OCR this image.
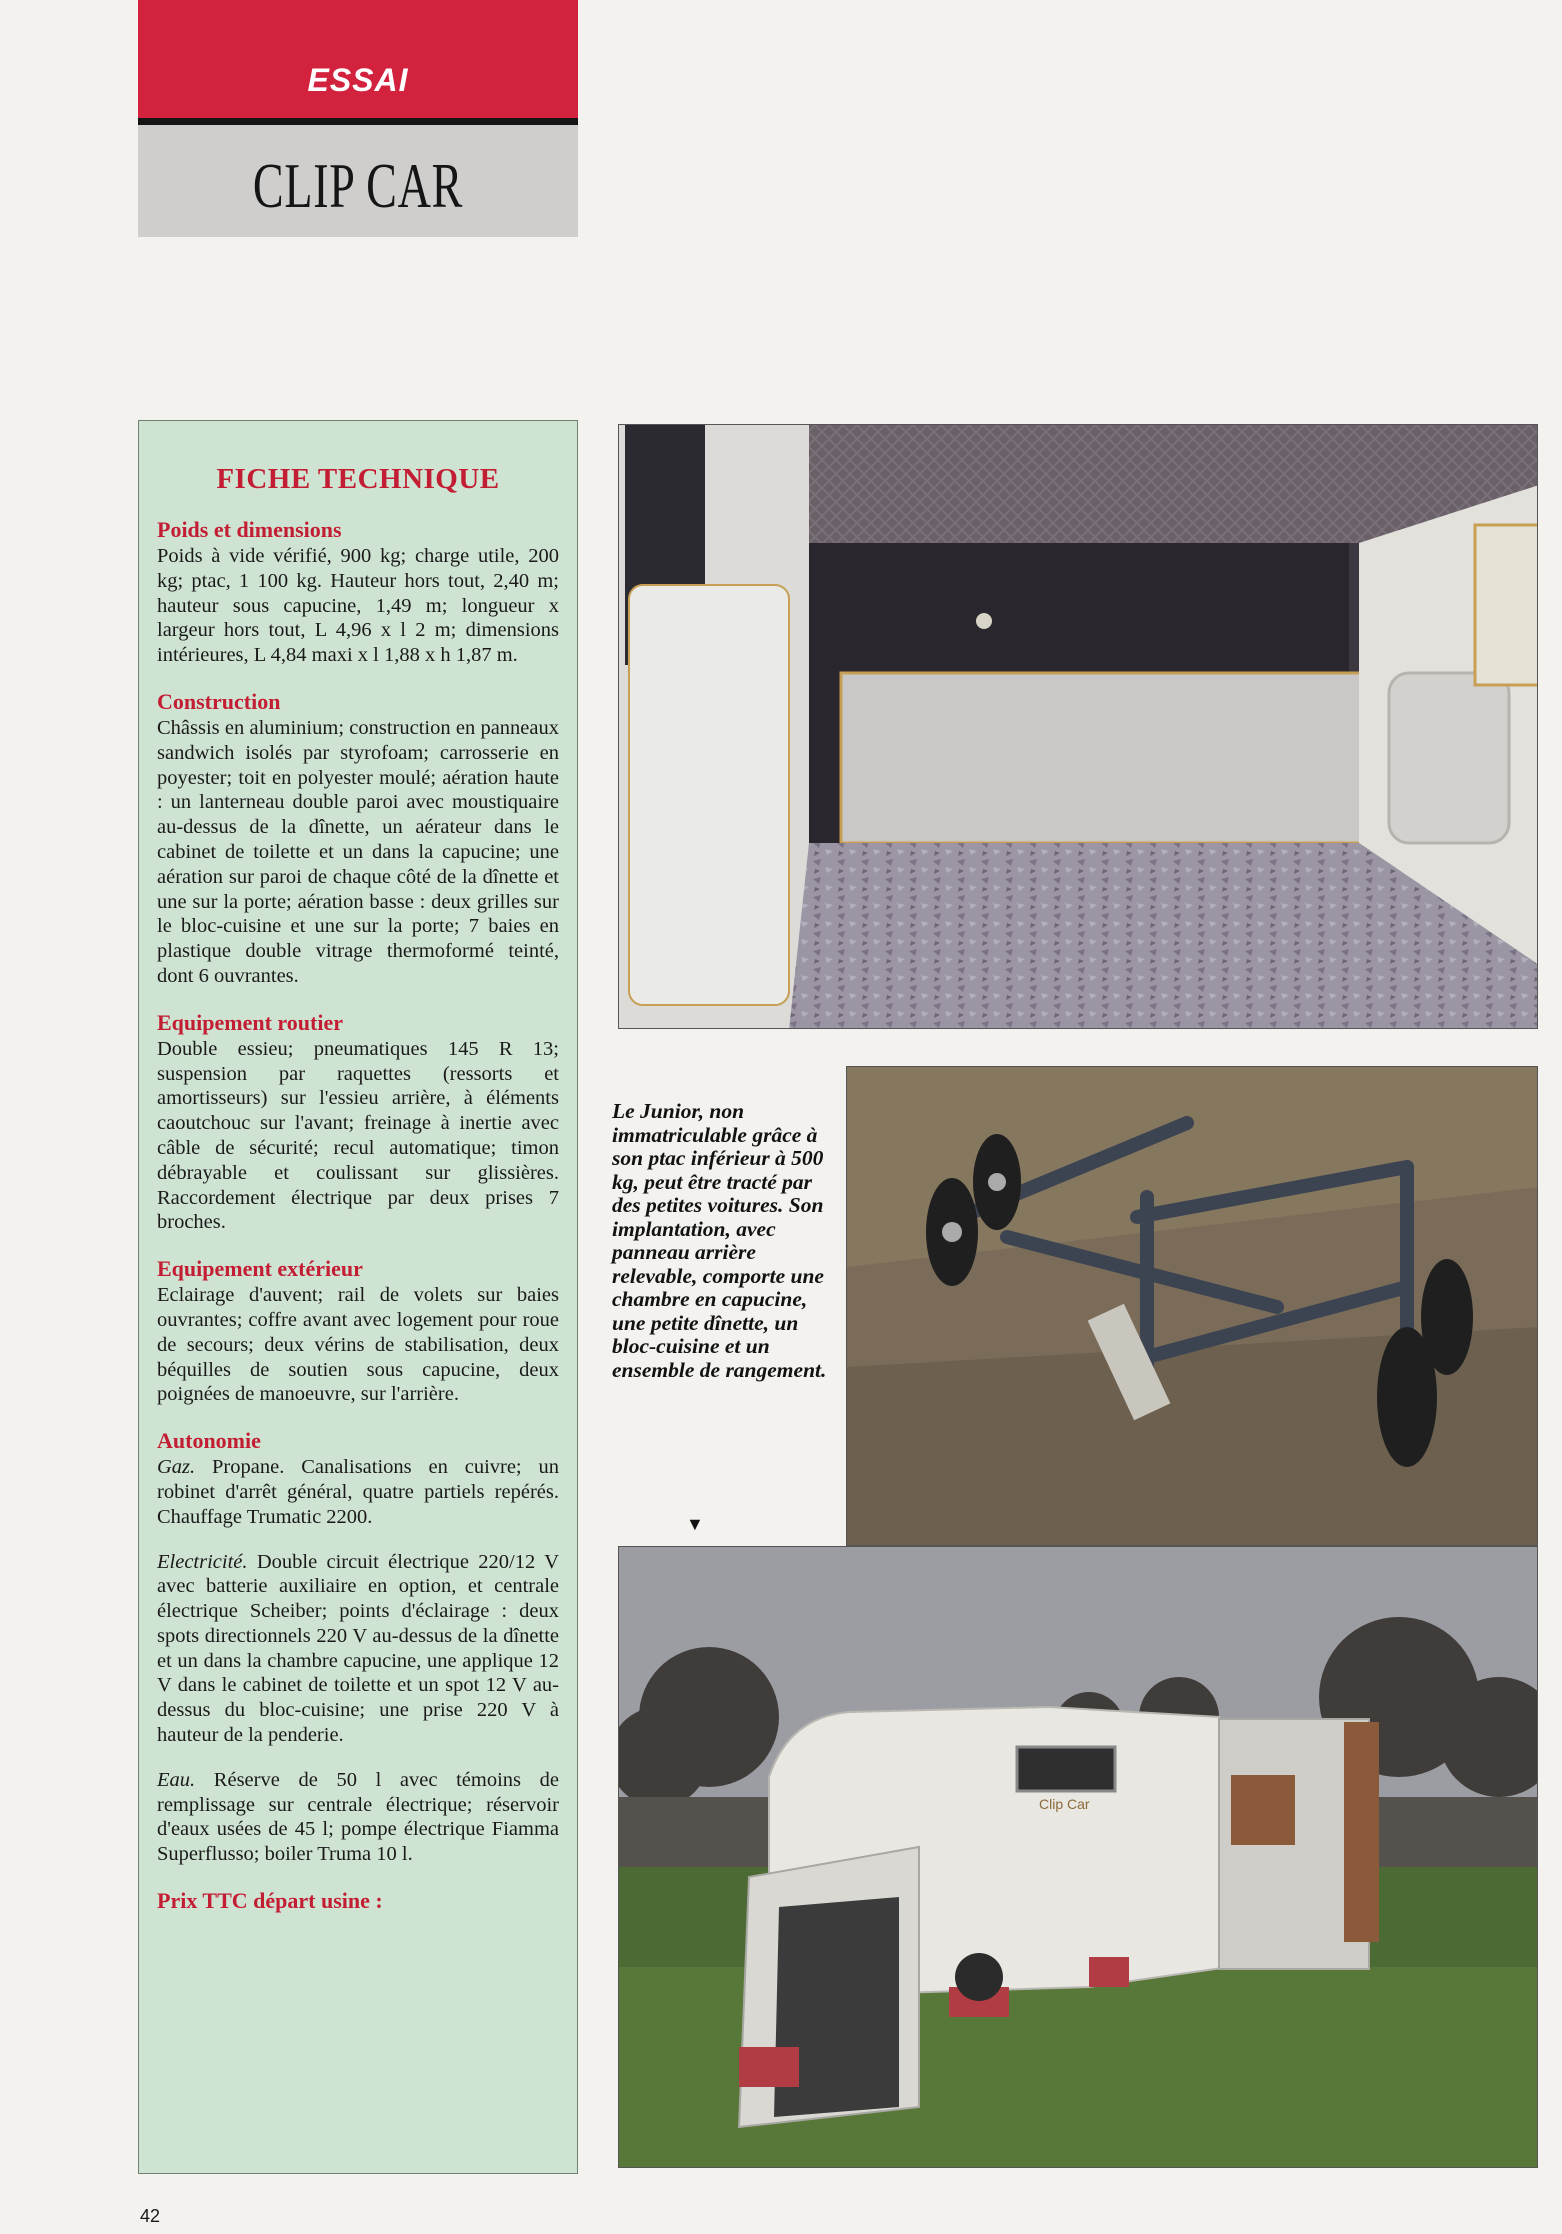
ESSAI
CLIP CAR
FICHE TECHNIQUE
Poids et dimensions

Poids à vide vérifié, 900 kg; charge utile, 200 kg; ptac, 1 100 kg. Hauteur hors tout, 2,40 m; hauteur sous capucine, 1,49 m; longueur x largeur hors tout, L 4,96 x l 2 m; dimensions intérieures, L 4,84 maxi x l 1,88 x h 1,87 m.

Construction

Châssis en aluminium; construction en panneaux sandwich isolés par styrofoam; carrosserie en poyester; toit en polyester moulé; aération haute : un lanterneau double paroi avec moustiquaire au-dessus de la dînette, un aérateur dans le cabinet de toilette et un dans la capucine; une aération sur paroi de chaque côté de la dînette et une sur la porte; aération basse : deux grilles sur le bloc-cuisine et une sur la porte; 7 baies en plastique double vitrage thermoformé teinté, dont 6 ouvrantes.

Equipement routier

Double essieu; pneumatiques 145 R 13; suspension par raquettes (ressorts et amortisseurs) sur l'essieu arrière, à éléments caoutchouc sur l'avant; freinage à inertie avec câble de sécurité; recul automatique; timon débrayable et coulissant sur glissières. Raccordement électrique par deux prises 7 broches.

Equipement extérieur

Eclairage d'auvent; rail de volets sur baies ouvrantes; coffre avant avec logement pour roue de secours; deux vérins de stabilisation, deux béquilles de soutien sous capucine, deux poignées de manoeuvre, sur l'arrière.

Autonomie

Gaz. Propane. Canalisations en cuivre; un robinet d'arrêt général, quatre partiels repérés. Chauffage Trumatic 2200.

Electricité. Double circuit électrique 220/12 V avec batterie auxiliaire en option, et centrale électrique Scheiber; points d'éclairage : deux spots directionnels 220 V au-dessus de la dînette et un dans la chambre capucine, une applique 12 V dans le cabinet de toilette et un spot 12 V au-dessus du bloc-cuisine; une prise 220 V à hauteur de la penderie.

Eau. Réserve de 50 l avec témoins de remplissage sur centrale électrique; réservoir d'eaux usées de 45 l; pompe électrique Fiamma Superflusso; boiler Truma 10 l.

Prix TTC départ usine :
Le Junior, non immatriculable grâce à son ptac inférieur à 500 kg, peut être tracté par des petites voitures. Son implantation, avec panneau arrière relevable, comporte une chambre en capucine, une petite dînette, un bloc-cuisine et un ensemble de rangement.
▼
Clip Car
42
